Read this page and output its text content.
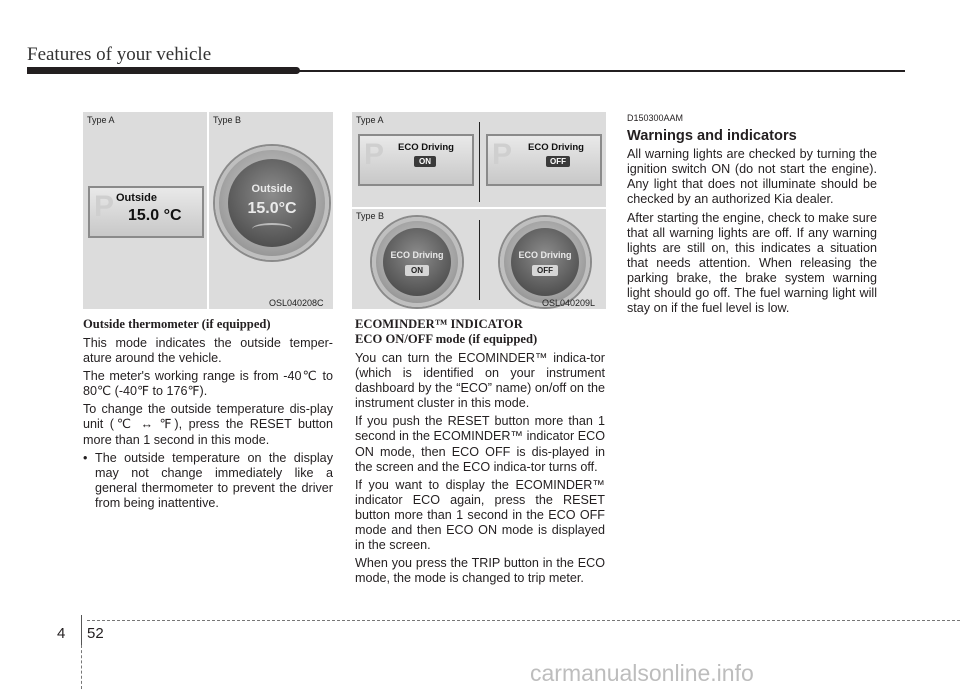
Features of your vehicle
Type A	Type B
P Outside
15.0 °C
Outside
15.0°C
OSL040208C
Type A
Type B
P ECO Driving
ON P ECO Driving
OFF
ECO Driving
ON
ECO Driving
OFF
OSL040209L

Outside thermometer (if equipped)

This mode indicates the outside temper-ature around the vehicle.

The meter's working range is from -40℃ to 80℃ (-40℉ to 176℉).

To change the outside temperature dis-play unit (℃ ↔ ℉), press the RESET button more than 1 second in this mode.

• The outside temperature on the display may not change immediately like a general thermometer to prevent the driver from being inattentive.

ECOMINDER™ INDICATOR

ECO ON/OFF mode (if equipped)

You can turn the ECOMINDER™ indica-tor (which is identified on your instrument dashboard by the “ECO” name) on/off on the instrument cluster in this mode.

If you push the RESET button more than 1 second in the ECOMINDER™ indicator ECO ON mode, then ECO OFF is dis-played in the screen and the ECO indica-tor turns off.

If you want to display the ECOMINDER™ indicator ECO again, press the RESET button more than 1 second in the ECO OFF mode and then ECO ON mode is displayed in the screen.

When you press the TRIP button in the ECO mode, the mode is changed to trip meter.

D150300AAM

Warnings and indicators

All warning lights are checked by turning the ignition switch ON (do not start the engine). Any light that does not illuminate should be checked by an authorized Kia dealer.

After starting the engine, check to make sure that all warning lights are off. If any warning lights are still on, this indicates a situation that needs attention. When releasing the parking brake, the brake system warning light should go off. The fuel warning light will stay on if the fuel level is low.

4 52
carmanualsonline.info
